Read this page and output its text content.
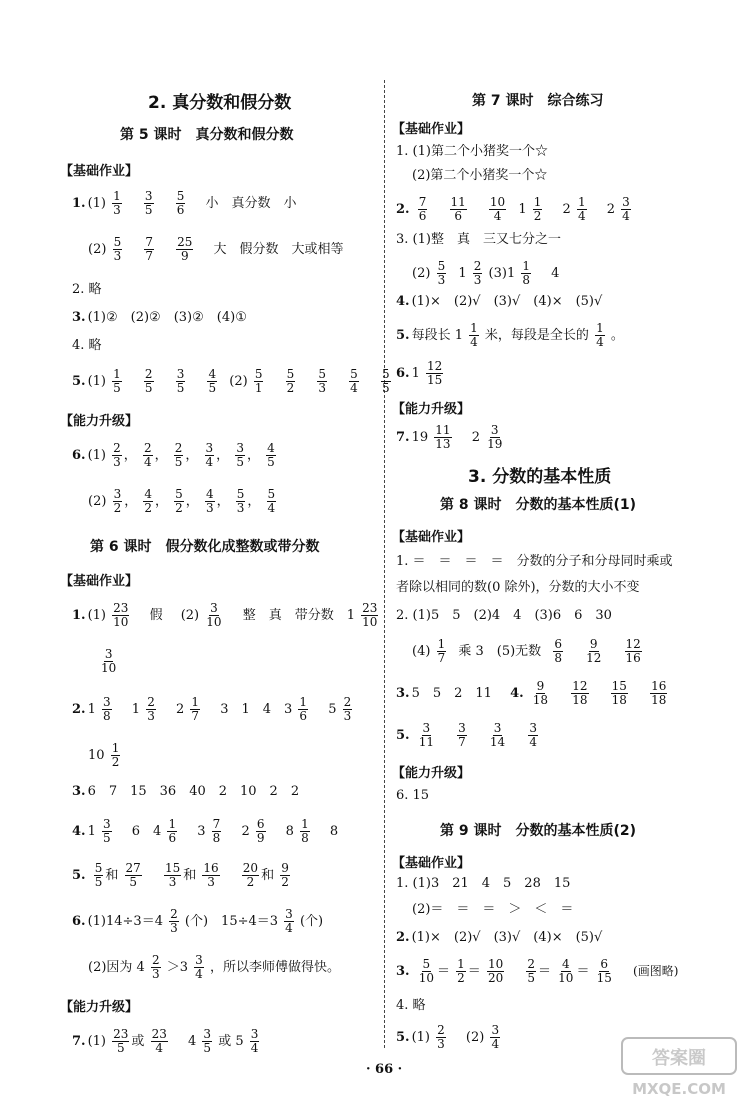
2. 真分数和假分数
第 5 课时　真分数和假分数
【基础作业】
1. $(1) \frac{1}{3}$
$\frac{3}{5}$
$\frac{5}{6}$ 小　真分数　小
$(2) \frac{5}{3}$
$\frac{7}{7}$
$\frac{25}{9}$ 大　假分数　大或相等
2. 略
3. (1)②　(2)②　(3)②　(4)①
4. 略
5. $(1) \frac{1}{5}$
$\frac{2}{5}$
$\frac{3}{5}$
$\frac{4}{5} (2) \frac{5}{1}$
$\frac{5}{2}$
$\frac{5}{3}$
$\frac{5}{4}$
$\frac{5}{5}$
【能力升级】
6. $(1) \frac{2}{3}$ ， $\frac{2}{4}$ ， $\frac{2}{5}$ ， $\frac{3}{4}$ ， $\frac{3}{5}$ ， $\frac{4}{5}$
$(2) \frac{3}{2}$ ， $\frac{4}{2}$ ， $\frac{5}{2}$ ， $\frac{4}{3}$ ， $\frac{5}{3}$ ， $\frac{5}{4}$
第 6 课时　假分数化成整数或带分数
【基础作业】
1. $(1) \frac{23}{10}$ 假 $(2) \frac{3}{10}$ 整　真　带分数　$1 \frac{23}{10}$
$\frac{3}{10}$
2. $1 \frac{3}{8} 1 \frac{2}{3} 2 \frac{1}{7} 3$　1　4　$3 \frac{1}{6} 5 \frac{2}{3}$
$10 \frac{1}{2}$
3. 6　7　15　36　40　2　10　2　2
4. $1 \frac{3}{5} 6$　$4 \frac{1}{6} 3 \frac{7}{8} 2 \frac{6}{9} 8 \frac{1}{8} 8$
5. $\frac{5}{5}$ 和 $\frac{27}{5}$
$\frac{15}{3}$ 和 $\frac{16}{3}$
$\frac{20}{2}$ 和 $\frac{9}{2}$
6. $(1)14\div 3=4 \frac{2}{3}$ (个)　$15\div 4=3 \frac{3}{4}$ (个)
(2)因为 $4 \frac{2}{3} >3 \frac{3}{4}$ ，所以李师傅做得快。
【能力升级】
7. $(1) \frac{23}{5}$ 或 $\frac{23}{4} 4 \frac{3}{5}$ 或 $5 \frac{3}{4}$
第 7 课时　综合练习
【基础作业】
1. (1)第二个小猪奖一个☆
(2)第二个小猪奖一个☆
2. $\frac{7}{6}$
$\frac{11}{6}$
$\frac{10}{4} 1 \frac{1}{2} 2 \frac{1}{4} 2 \frac{3}{4}$
3. (1)整　真　三又七分之一
$(2) \frac{5}{3} 1 \frac{2}{3} (3)1 \frac{1}{8} 4$
4. (1)×　(2)√　(3)√　(4)×　(5)√
5. 每段长 $1 \frac{1}{4}$ 米，每段是全长的 $\frac{1}{4}$ 。
6. $1 \frac{12}{15}$
【能力升级】
7. $19 \frac{11}{13} 2 \frac{3}{19}$
3. 分数的基本性质
第 8 课时　分数的基本性质(1)
【基础作业】
1. ＝　＝　＝　＝　分数的分子和分母同时乘或
者除以相同的数(0 除外)，分数的大小不变
2. (1)5　5　(2)4　4　(3)6　6　30
$(4) \frac{1}{7}$ 乘 3　(5)无数 $\frac{6}{8}$
$\frac{9}{12}$
$\frac{12}{16}$
3. 5　5　2　11 4. $\frac{9}{18}$
$\frac{12}{18}$
$\frac{15}{18}$
$\frac{16}{18}$
5. $\frac{3}{11}$
$\frac{3}{7}$
$\frac{3}{14}$
$\frac{3}{4}$
【能力升级】
6. 15
第 9 课时　分数的基本性质(2)
【基础作业】
1. (1)3　21　4　5　28　15
(2)＝　＝　＝　＞　＜　＝
2. (1)×　(2)√　(3)√　(4)×　(5)√
3. $\frac{5}{10} = \frac{1}{2} = \frac{10}{20}$
$\frac{2}{5} = \frac{4}{10} = \frac{6}{15}$ (画图略)
4. 略
5. $(1) \frac{2}{3} (2) \frac{3}{4}$
· 66 ·
答案圈
MXQE.COM
